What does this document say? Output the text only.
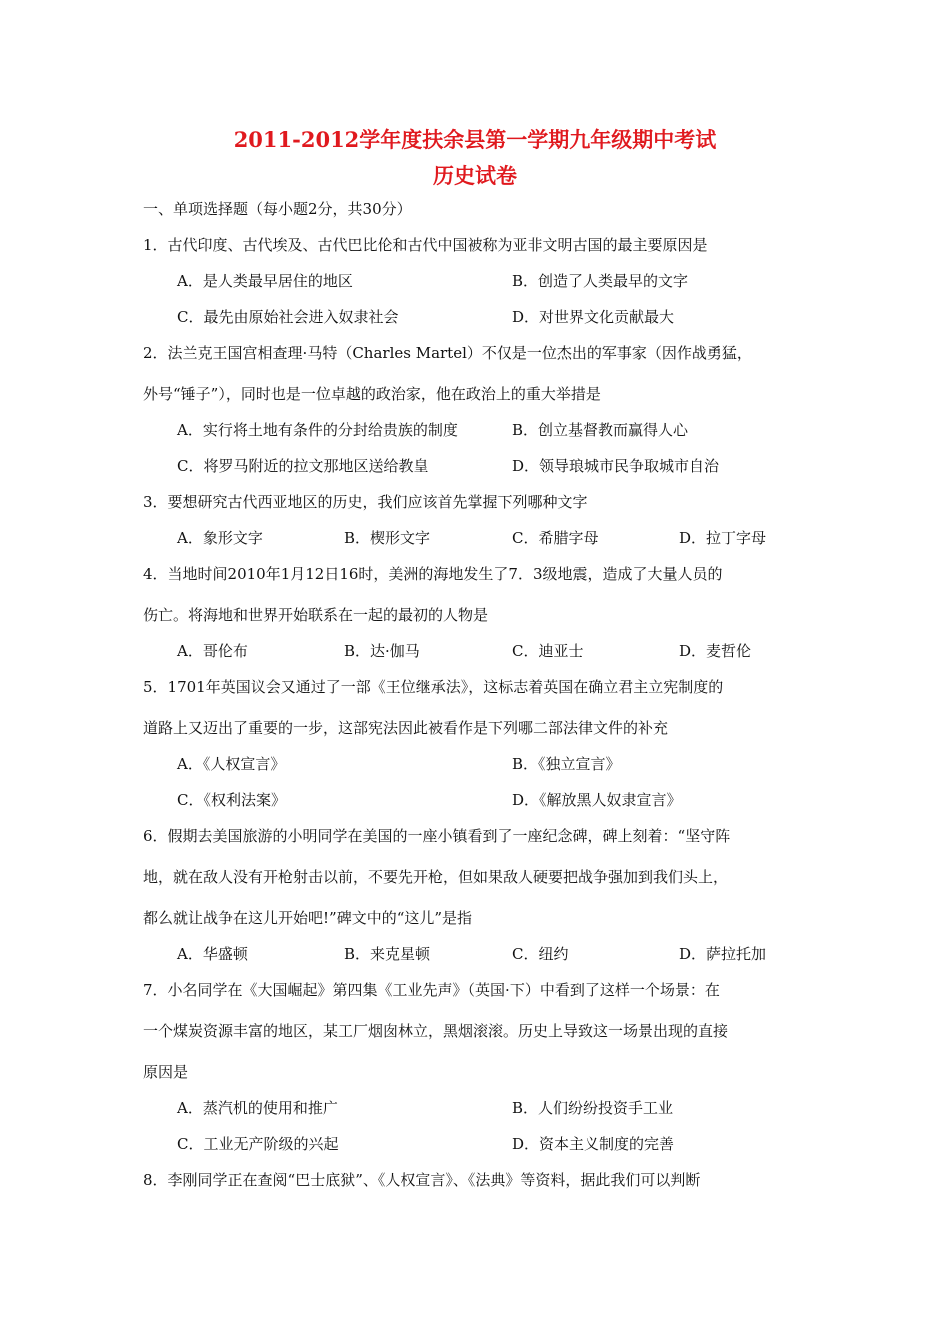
2011-2012学年度扶余县第一学期九年级期中考试
历史试卷
一、单项选择题（每小题2分，共30分）
1．古代印度、古代埃及、古代巴比伦和古代中国被称为亚非文明古国的最主要原因是
A．是人类最早居住的地区	B．创造了人类最早的文字
C．最先由原始社会进入奴隶社会	D．对世界文化贡献最大
2．法兰克王国宫相查理·马特（Charles Martel）不仅是一位杰出的军事家（因作战勇猛，
外号“锤子”），同时也是一位卓越的政治家，他在政治上的重大举措是
A．实行将土地有条件的分封给贵族的制度	B．创立基督教而赢得人心
C．将罗马附近的拉文那地区送给教皇	D．领导琅城市民争取城市自治
3．要想研究古代西亚地区的历史，我们应该首先掌握下列哪种文字
A．象形文字	B．楔形文字	C．希腊字母	D．拉丁字母
4．当地时间2010年1月12日16时，美洲的海地发生了7．3级地震，造成了大量人员的
伤亡。将海地和世界开始联系在一起的最初的人物是
A．哥伦布	B．达·伽马	C．迪亚士	D．麦哲伦
5．1701年英国议会又通过了一部《王位继承法》，这标志着英国在确立君主立宪制度的
道路上又迈出了重要的一步，这部宪法因此被看作是下列哪二部法律文件的补充
A．《人权宣言》	B．《独立宣言》
C．《权利法案》	D．《解放黑人奴隶宣言》
6．假期去美国旅游的小明同学在美国的一座小镇看到了一座纪念碑，碑上刻着：“坚守阵
地，就在敌人没有开枪射击以前，不要先开枪，但如果敌人硬要把战争强加到我们头上，
都么就让战争在这儿开始吧!”碑文中的“这儿”是指
A．华盛顿	B．来克星顿	C．纽约	D．萨拉托加
7．小名同学在《大国崛起》第四集《工业先声》（英国·下）中看到了这样一个场景：在
一个煤炭资源丰富的地区，某工厂烟囱林立，黑烟滚滚。历史上导致这一场景出现的直接
原因是
A．蒸汽机的使用和推广	B．人们纷纷投资手工业
C．工业无产阶级的兴起	D．资本主义制度的完善
8．李刚同学正在查阅“巴士底狱”、《人权宣言》、《法典》等资料，据此我们可以判断
